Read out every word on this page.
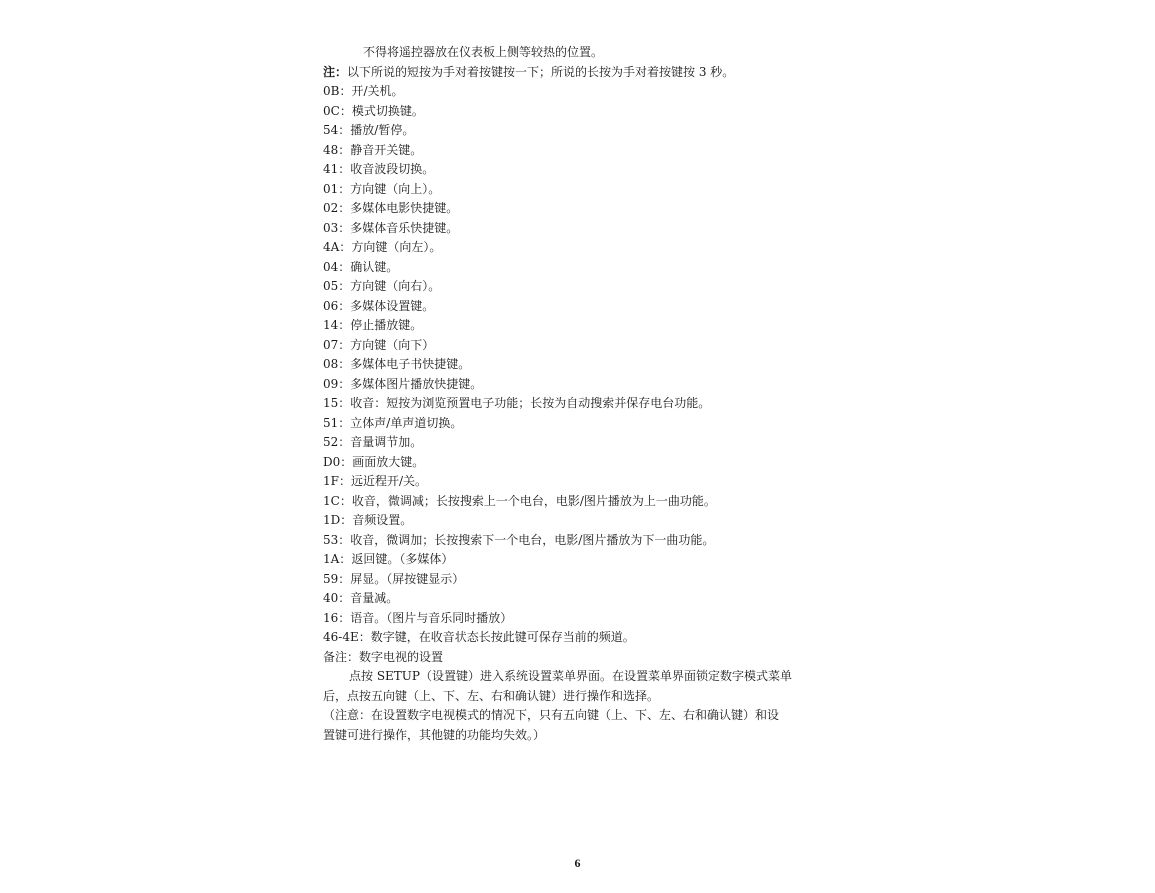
不得将遥控器放在仪表板上侧等较热的位置。
注：以下所说的短按为手对着按键按一下；所说的长按为手对着按键按 3 秒。
0B：开/关机。
0C：模式切换键。
54：播放/暂停。
48：静音开关键。
41：收音波段切换。
01：方向键（向上）。
02：多媒体电影快捷键。
03：多媒体音乐快捷键。
4A：方向键（向左）。
04：确认键。
05：方向键（向右）。
06：多媒体设置键。
14：停止播放键。
07：方向键（向下）
08：多媒体电子书快捷键。
09：多媒体图片播放快捷键。
15：收音：短按为浏览预置电子功能；长按为自动搜索并保存电台功能。
51：立体声/单声道切换。
52：音量调节加。
D0：画面放大键。
1F：远近程开/关。
1C：收音，微调减；长按搜索上一个电台，电影/图片播放为上一曲功能。
1D：音频设置。
53：收音，微调加；长按搜索下一个电台，电影/图片播放为下一曲功能。
1A：返回键。（多媒体）
59：屏显。（屏按键显示）
40：音量减。
16：语音。（图片与音乐同时播放）
46-4E：数字键，在收音状态长按此键可保存当前的频道。
备注：数字电视的设置
点按 SETUP（设置键）进入系统设置菜单界面。在设置菜单界面锁定数字模式菜单
后，点按五向键（上、下、左、右和确认键）进行操作和选择。
（注意：在设置数字电视模式的情况下，只有五向键（上、下、左、右和确认键）和设
置键可进行操作，其他键的功能均失效。）
6
